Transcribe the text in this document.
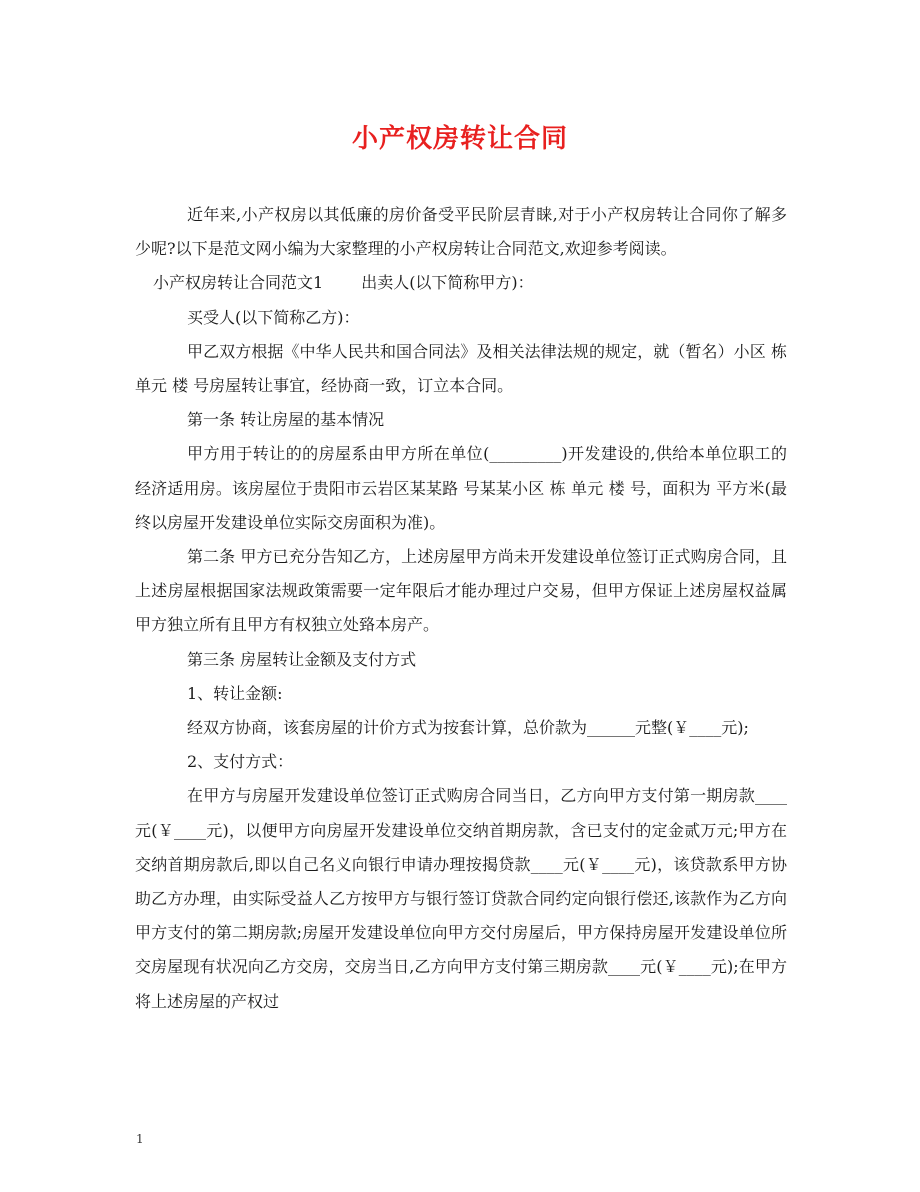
小产权房转让合同

近年来,小产权房以其低廉的房价备受平民阶层青睐,对于小产权房转让合同你了解多少呢?以下是范文网小编为大家整理的小产权房转让合同范文,欢迎参考阅读。

小产权房转让合同范文1 出卖人(以下简称甲方)：

买受人(以下简称乙方)：

甲乙双方根据《中华人民共和国合同法》及相关法律法规的规定，就（暂名）小区 栋 单元 楼 号房屋转让事宜，经协商一致，订立本合同。

第一条 转让房屋的基本情况

甲方用于转让的的房屋系由甲方所在单位(_________)开发建设的,供给本单位职工的经济适用房。该房屋位于贵阳市云岩区某某路 号某某小区 栋 单元 楼 号，面积为 平方米(最终以房屋开发建设单位实际交房面积为准)。

第二条 甲方已充分告知乙方，上述房屋甲方尚未开发建设单位签订正式购房合同，且上述房屋根据国家法规政策需要一定年限后才能办理过户交易，但甲方保证上述房屋权益属甲方独立所有且甲方有权独立处臵本房产。

第三条 房屋转让金额及支付方式

1、转让金额:

经双方协商，该套房屋的计价方式为按套计算，总价款为______元整(￥____元);

2、支付方式：

在甲方与房屋开发建设单位签订正式购房合同当日，乙方向甲方支付第一期房款____元(￥____元)，以便甲方向房屋开发建设单位交纳首期房款，含已支付的定金贰万元;甲方在交纳首期房款后,即以自己名义向银行申请办理按揭贷款____元(￥____元)，该贷款系甲方协助乙方办理，由实际受益人乙方按甲方与银行签订贷款合同约定向银行偿还,该款作为乙方向甲方支付的第二期房款;房屋开发建设单位向甲方交付房屋后，甲方保持房屋开发建设单位所交房屋现有状况向乙方交房，交房当日,乙方向甲方支付第三期房款____元(￥____元);在甲方将上述房屋的产权过

1
